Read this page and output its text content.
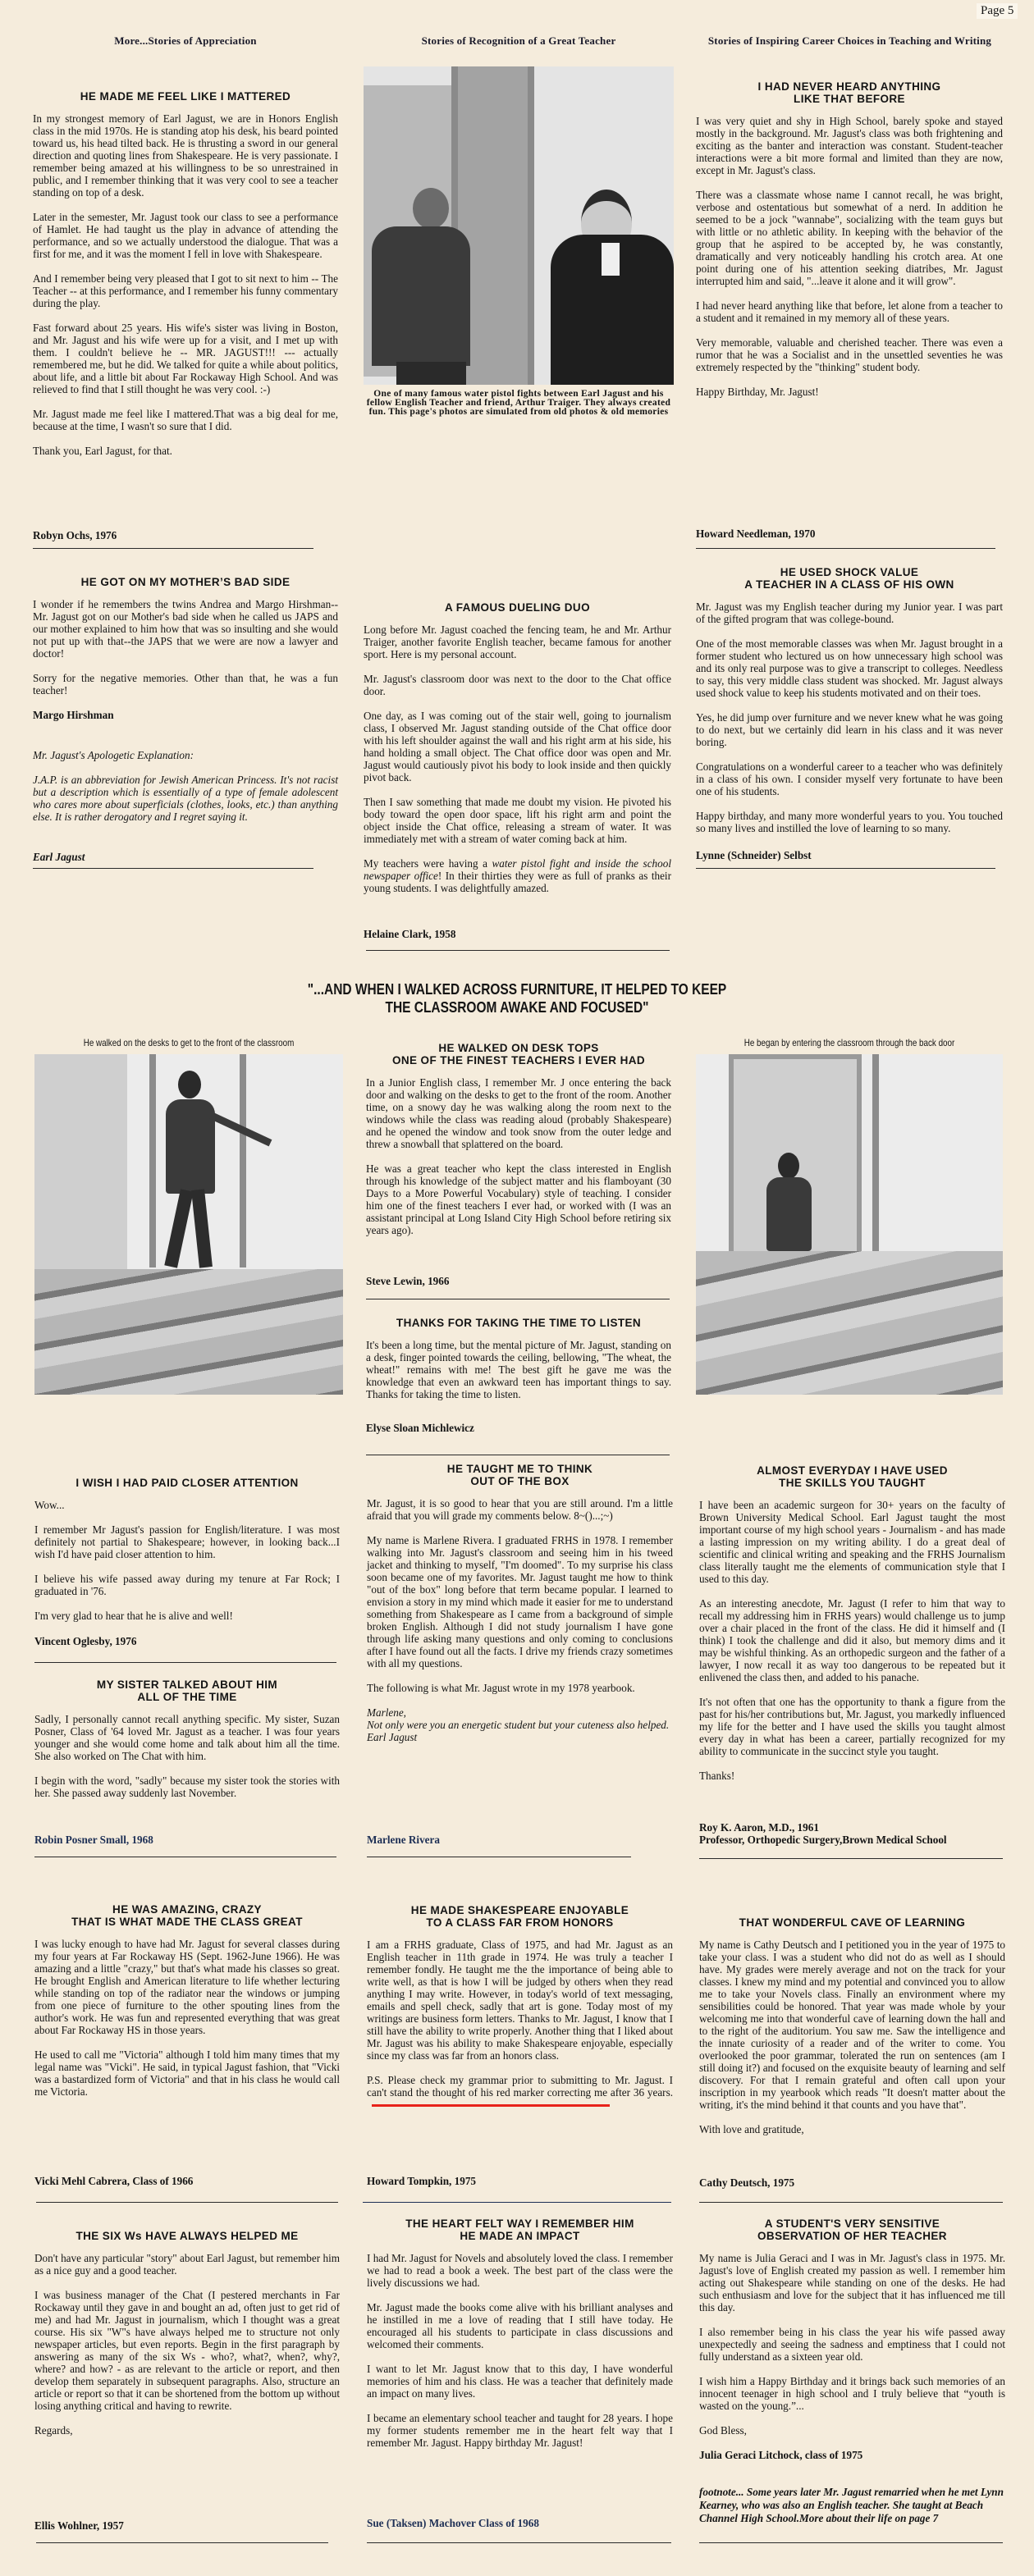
Page 5
More...Stories of Appreciation	Stories of Recognition of a Great Teacher	Stories of Inspiring Career Choices in Teaching and Writing
One of many famous water pistol fights between Earl Jagust and his fellow English Teacher and friend, Arthur Traiger. They always created fun. This page's photos are simulated from old photos & old memories
HE MADE ME FEEL LIKE I MATTERED

In my strongest memory of Earl Jagust, we are in Honors English class in the mid 1970s. He is standing atop his desk, his beard pointed toward us, his head tilted back. He is thrusting a sword in our general direction and quoting lines from Shakespeare. He is very passionate. I remember being amazed at his willingness to be so unrestrained in public, and I remember thinking that it was very cool to see a teacher standing on top of a desk.

Later in the semester, Mr. Jagust took our class to see a performance of Hamlet. He had taught us the play in advance of attending the performance, and so we actually understood the dialogue. That was a first for me, and it was the moment I fell in love with Shakespeare.

And I remember being very pleased that I got to sit next to him -- The Teacher -- at this performance, and I remember his funny commentary during the play.

Fast forward about 25 years. His wife's sister was living in Boston, and Mr. Jagust and his wife were up for a visit, and I met up with them. I couldn't believe he -- MR. JAGUST!!! --- actually remembered me, but he did. We talked for quite a while about politics, about life, and a little bit about Far Rockaway High School. And was relieved to find that I still thought he was very cool. :-)

Mr. Jagust made me feel like I mattered.That was a big deal for me, because at the time, I wasn't so sure that I did.

Thank you, Earl Jagust, for that.

Robyn Ochs, 1976
HE GOT ON MY MOTHER’S BAD SIDE

I wonder if he remembers the twins Andrea and Margo Hirshman--Mr. Jagust got on our Mother's bad side when he called us JAPS and our mother explained to him how that was so insulting and she would not put up with that--the JAPS that we were are now a lawyer and doctor!

Sorry for the negative memories. Other than that, he was a fun teacher!

Margo Hirshman

Mr. Jagust's Apologetic Explanation:

J.A.P. is an abbreviation for Jewish American Princess. It's not racist but a description which is essentially of a type of female adolescent who cares more about superficials (clothes, looks, etc.) than anything else. It is rather derogatory and I regret saying it.

Earl Jagust
A FAMOUS DUELING DUO

Long before Mr. Jagust coached the fencing team, he and Mr. Arthur Traiger, another favorite English teacher, became famous for another sport. Here is my personal account.

Mr. Jagust's classroom door was next to the door to the Chat office door.

One day, as I was coming out of the stair well, going to journalism class, I observed Mr. Jagust standing outside of the Chat office door with his left shoulder against the wall and his right arm at his side, his hand holding a small object. The Chat office door was open and Mr. Jagust would cautiously pivot his body to look inside and then quickly pivot back.

Then I saw something that made me doubt my vision. He pivoted his body toward the open door space, lift his right arm and point the object inside the Chat office, releasing a stream of water. It was immediately met with a stream of water coming back at him.

My teachers were having a water pistol fight and inside the school newspaper office! In their thirties they were as full of pranks as their young students. I was delightfully amazed.

Helaine Clark, 1958
I HAD NEVER HEARD ANYTHING
LIKE THAT BEFORE

I was very quiet and shy in High School, barely spoke and stayed mostly in the background. Mr. Jagust's class was both frightening and exciting as the banter and interaction was constant. Student-teacher interactions were a bit more formal and limited than they are now, except in Mr. Jagust's class.

There was a classmate whose name I cannot recall, he was bright, verbose and ostentatious but somewhat of a nerd. In addition he seemed to be a jock "wannabe", socializing with the team guys but with little or no athletic ability. In keeping with the behavior of the group that he aspired to be accepted by, he was constantly, dramatically and very noticeably handling his crotch area. At one point during one of his attention seeking diatribes, Mr. Jagust interrupted him and said, "...leave it alone and it will grow".

I had never heard anything like that before, let alone from a teacher to a student and it remained in my memory all of these years.

Very memorable, valuable and cherished teacher. There was even a rumor that he was a Socialist and in the unsettled seventies he was extremely respected by the "thinking" student body.

Happy Birthday, Mr. Jagust!

Howard Needleman, 1970
HE USED SHOCK VALUE
A TEACHER IN A CLASS OF HIS OWN

Mr. Jagust was my English teacher during my Junior year. I was part of the gifted program that was college-bound.

One of the most memorable classes was when Mr. Jagust brought in a former student who lectured us on how unnecessary high school was and its only real purpose was to give a transcript to colleges. Needless to say, this very middle class student was shocked. Mr. Jagust always used shock value to keep his students motivated and on their toes.

Yes, he did jump over furniture and we never knew what he was going to do next, but we certainly did learn in his class and it was never boring.

Congratulations on a wonderful career to a teacher who was definitely in a class of his own. I consider myself very fortunate to have been one of his students.

Happy birthday, and many more wonderful years to you. You touched so many lives and instilled the love of learning to so many.

Lynne (Schneider) Selbst
"...AND WHEN I WALKED ACROSS FURNITURE, IT HELPED TO KEEP
THE CLASSROOM AWAKE AND FOCUSED"
He walked on the desks to get to the front of the classroom	HE WALKED ON DESK TOPS
ONE OF THE FINEST TEACHERS I EVER HAD

In a Junior English class, I remember Mr. J once entering the back door and walking on the desks to get to the front of the room. Another time, on a snowy day he was walking along the room next to the windows while the class was reading aloud (probably Shakespeare) and he opened the window and took snow from the outer ledge and threw a snowball that splattered on the board.

He was a great teacher who kept the class interested in English through his knowledge of the subject matter and his flamboyant (30 Days to a More Powerful Vocabulary) style of teaching. I consider him one of the finest teachers I ever had, or worked with (I was an assistant principal at Long Island City High School before retiring six years ago).

Steve Lewin, 1966
THANKS FOR TAKING THE TIME TO LISTEN

It's been a long time, but the mental picture of Mr. Jagust, standing on a desk, finger pointed towards the ceiling, bellowing, "The wheat, the wheat!" remains with me! The best gift he gave me was the knowledge that even an awkward teen has important things to say. Thanks for taking the time to listen.

Elyse Sloan Michlewicz
He began by entering the classroom through the back door
I WISH I HAD PAID CLOSER ATTENTION

Wow...

I remember Mr Jagust's passion for English/literature. I was most definitely not partial to Shakespeare; however, in looking back...I wish I'd have paid closer attention to him.

I believe his wife passed away during my tenure at Far Rock; I graduated in '76.

I'm very glad to hear that he is alive and well!

Vincent Oglesby, 1976
MY SISTER TALKED ABOUT HIM
ALL OF THE TIME

Sadly, I personally cannot recall anything specific. My sister, Suzan Posner, Class of '64 loved Mr. Jagust as a teacher. I was four years younger and she would come home and talk about him all the time. She also worked on The Chat with him.

I begin with the word, "sadly" because my sister took the stories with her. She passed away suddenly last November.

Robin Posner Small, 1968
HE TAUGHT ME TO THINK
OUT OF THE BOX

Mr. Jagust, it is so good to hear that you are still around. I'm a little afraid that you will grade my comments below. 8~()...;~)

My name is Marlene Rivera. I graduated FRHS in 1978. I remember walking into Mr. Jagust's classroom and seeing him in his tweed jacket and thinking to myself, "I'm doomed". To my surprise his class soon became one of my favorites. Mr. Jagust taught me how to think "out of the box" long before that term became popular. I learned to envision a story in my mind which made it easier for me to understand something from Shakespeare as I came from a background of simple broken English. Although I did not study journalism I have gone through life asking many questions and only coming to conclusions after I have found out all the facts. I drive my friends crazy sometimes with all my questions.

The following is what Mr. Jagust wrote in my 1978 yearbook.

Marlene,

Not only were you an energetic student but your cuteness also helped.

Earl Jagust

Marlene Rivera
ALMOST EVERYDAY I HAVE USED
THE SKILLS YOU TAUGHT

I have been an academic surgeon for 30+ years on the faculty of Brown University Medical School. Earl Jagust taught the most important course of my high school years - Journalism - and has made a lasting impression on my writing ability. I do a great deal of scientific and clinical writing and speaking and the FRHS Journalism class literally taught me the elements of communication style that I used to this day.

As an interesting anecdote, Mr. Jagust (I refer to him that way to recall my addressing him in FRHS years) would challenge us to jump over a chair placed in the front of the class. He did it himself and (I think) I took the challenge and did it also, but memory dims and it may be wishful thinking. As an orthopedic surgeon and the father of a lawyer, I now recall it as way too dangerous to be repeated but it enlivened the class then, and added to his panache.

It's not often that one has the opportunity to thank a figure from the past for his/her contributions but, Mr. Jagust, you markedly influenced my life for the better and I have used the skills you taught almost every day in what has been a career, partially recognized for my ability to communicate in the succinct style you taught.

Thanks!

Roy K. Aaron, M.D., 1961
Professor, Orthopedic Surgery,Brown Medical School
HE WAS AMAZING, CRAZY
THAT IS WHAT MADE THE CLASS GREAT

I was lucky enough to have had Mr. Jagust for several classes during my four years at Far Rockaway HS (Sept. 1962-June 1966). He was amazing and a little "crazy," but that's what made his classes so great. He brought English and American literature to life whether lecturing while standing on top of the radiator near the windows or jumping from one piece of furniture to the other spouting lines from the author's work. He was fun and represented everything that was great about Far Rockaway HS in those years.

He used to call me "Victoria" although I told him many times that my legal name was "Vicki". He said, in typical Jagust fashion, that "Vicki was a bastardized form of Victoria" and that in his class he would call me Victoria.

Vicki Mehl Cabrera, Class of 1966
THE SIX Ws HAVE ALWAYS HELPED ME

Don't have any particular "story" about Earl Jagust, but remember him as a nice guy and a good teacher.

I was business manager of the Chat (I pestered merchants in Far Rockaway until they gave in and bought an ad, often just to get rid of me) and had Mr. Jagust in journalism, which I thought was a great course. His six "W"s have always helped me to structure not only newspaper articles, but even reports. Begin in the first paragraph by answering as many of the six Ws - who?, what?, when?, why?, where? and how? - as are relevant to the article or report, and then develop them separately in subsequent paragraphs. Also, structure an article or report so that it can be shortened from the bottom up without losing anything critical and having to rewrite.

Regards,

Ellis Wohlner, 1957
HE MADE SHAKESPEARE ENJOYABLE
TO A CLASS FAR FROM HONORS

I am a FRHS graduate, Class of 1975, and had Mr. Jagust as an English teacher in 11th grade in 1974. He was truly a teacher I remember fondly. He taught me the the importance of being able to write well, as that is how I will be judged by others when they read anything I may write. However, in today's world of text messaging, emails and spell check, sadly that art is gone. Today most of my writings are business form letters. Thanks to Mr. Jagust, I know that I still have the ability to write properly. Another thing that I liked about Mr. Jagust was his ability to make Shakespeare enjoyable, especially since my class was far from an honors class.

P.S. Please check my grammar prior to submitting to Mr. Jagust. I can't stand the thought of his red marker correcting me after 36 years.

Howard Tompkin, 1975
THE HEART FELT WAY I REMEMBER HIM
HE MADE AN IMPACT

I had Mr. Jagust for Novels and absolutely loved the class. I remember we had to read a book a week. The best part of the class were the lively discussions we had.

Mr. Jagust made the books come alive with his brilliant analyses and he instilled in me a love of reading that I still have today. He encouraged all his students to participate in class discussions and welcomed their comments.

I want to let Mr. Jagust know that to this day, I have wonderful memories of him and his class. He was a teacher that definitely made an impact on many lives.

I became an elementary school teacher and taught for 28 years. I hope my former students remember me in the heart felt way that I remember Mr. Jagust. Happy birthday Mr. Jagust!

Sue (Taksen) Machover Class of 1968
THAT WONDERFUL CAVE OF LEARNING

My name is Cathy Deutsch and I petitioned you in the year of 1975 to take your class. I was a student who did not do as well as I should have. My grades were merely average and not on the track for your classes. I knew my mind and my potential and convinced you to allow me to take your Novels class. Finally an environment where my sensibilities could be honored. That year was made whole by your welcoming me into that wonderful cave of learning down the hall and to the right of the auditorium. You saw me. Saw the intelligence and the innate curiosity of a reader and of the writer to come. You overlooked the poor grammar, tolerated the run on sentences (am I still doing it?) and focused on the exquisite beauty of learning and self discovery. For that I remain grateful and often call upon your inscription in my yearbook which reads "It doesn't matter about the writing, it's the mind behind it that counts and you have that".

With love and gratitude,

Cathy Deutsch, 1975
A STUDENT'S VERY SENSITIVE
OBSERVATION OF HER TEACHER

My name is Julia Geraci and I was in Mr. Jagust's class in 1975. Mr. Jagust's love of English created my passion as well. I remember him acting out Shakespeare while standing on one of the desks. He had such enthusiasm and love for the subject that it has influenced me till this day.

I also remember being in his class the year his wife passed away unexpectedly and seeing the sadness and emptiness that I could not fully understand as a sixteen year old.

I wish him a Happy Birthday and it brings back such memories of an innocent teenager in high school and I truly believe that “youth is wasted on the young.”...

God Bless,

Julia Geraci Litchock, class of 1975

footnote... Some years later Mr. Jagust remarried when he met Lynn Kearney, who was also an English teacher. She taught at Beach Channel High School.More about their life on page 7
